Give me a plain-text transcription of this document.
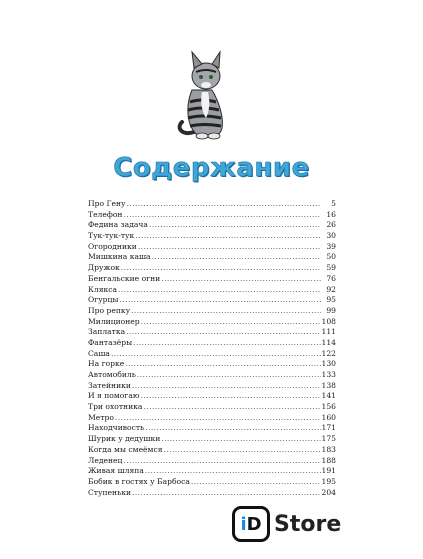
Содержание
Про Гену .....	5
Телефон .....	16
Федина задача .....	26
Тук-тук-тук .....	30
Огородники .....	39
Мишкина каша .....	50
Дружок .....	59
Бенгальские огни .....	76
Кляксa .....	92
Огурцы .....	95
Про репку .....	99
Милиционер .....	108
Заплатка .....	111
Фантазёры .....	114
Саша .....	122
На горке .....	130
Автомобиль .....	133
Затейники .....	138
И я помогаю .....	141
Три охотника .....	156
Метро .....	160
Находчивость .....	171
Шурик у дедушки .....	175
Когда мы смеёмся .....	183
Леденец .....	188
Живая шляпа .....	191
Бобик в гостях у Барбоса .....	195
Ступеньки .....	204
i D Store
